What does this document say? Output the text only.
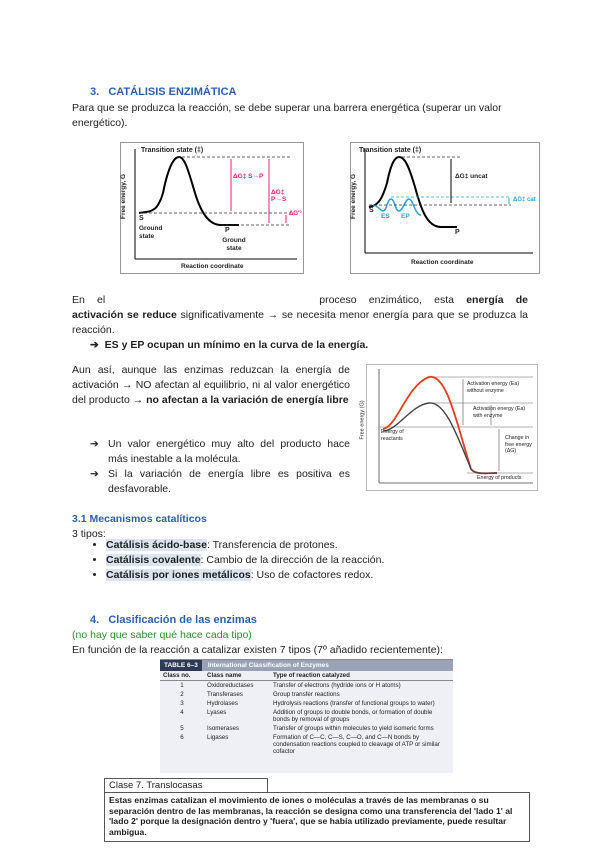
3. CATÁLISIS ENZIMÁTICA
Para que se produzca la reacción, se debe superar una barrera energética (superar un valor energético).
Transition state (‡)
Free energy, G S
P
Ground state
Ground state
ΔG‡ S→P
ΔG‡ P→S
ΔG'°
Reaction coordinate
Transition state (‡)
Free energy, G S
P
ES EP
ΔG‡ uncat
ΔG‡ cat
Reaction coordinate
En el	proceso enzimático, esta energía de activación se reduce significativamente → se necesita menor energía para que se produzca la reacción.
➔ ES y EP ocupan un mínimo en la curva de la energía.
Aun así, aunque las enzimas reduzcan la energía de activación → NO afectan al equilibrio, ni al valor energético del producto → no afectan a la variación de energía libre
➔ Un valor energético muy alto del producto hace más inestable a la molécula.
➔ Si la variación de energía libre es positiva es desfavorable.
Free energy (G)
Activation energy (Ea) without enzyme
Activation energy (Ea) with enzyme
Energy of reactants	Change in free energy (ΔG)
Energy of products
3.1 Mecanismos catalíticos
3 tipos:
• Catálisis ácido-base: Transferencia de protones.
• Catálisis covalente: Cambio de la dirección de la reacción.
• Catálisis por iones metálicos: Uso de cofactores redox.
4. Clasificación de las enzimas
(no hay que saber qué hace cada tipo)
En función de la reacción a catalizar existen 7 tipos (7º añadido recientemente):
TABLE 6–3	International Classification of Enzymes
Class no.	Class name	Type of reaction catalyzed
1	Oxidoreductases	Transfer of electrons (hydride ions or H atoms)
2	Transferases	Group transfer reactions
3	Hydrolases	Hydrolysis reactions (transfer of functional groups to water)
4	Lyases	Addition of groups to double bonds, or formation of double bonds by removal of groups
5	Isomerases	Transfer of groups within molecules to yield isomeric forms
6	Ligases	Formation of C—C, C—S, C—O, and C—N bonds by condensation reactions coupled to cleavage of ATP or similar cofactor
Clase 7. Translocasas
Estas enzimas catalizan el movimiento de iones o moléculas a través de las membranas o su separación dentro de las membranas, la reacción se designa como una transferencia del 'lado 1' al 'lado 2' porque la designación dentro y 'fuera', que se había utilizado previamente, puede resultar ambigua.
